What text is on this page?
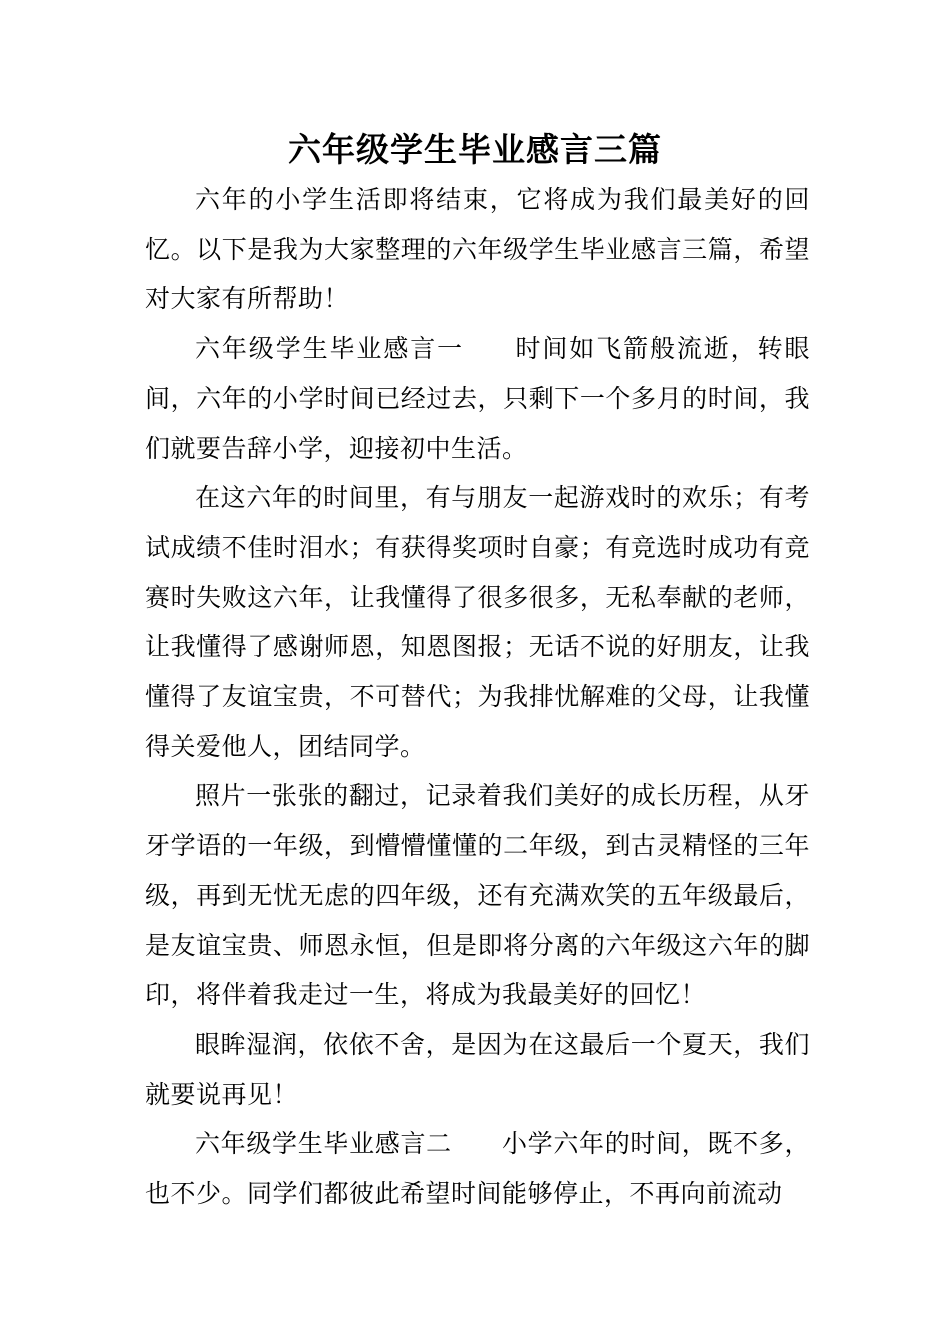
六年级学生毕业感言三篇

六年的小学生活即将结束，它将成为我们最美好的回忆。以下是我为大家整理的六年级学生毕业感言三篇，希望对大家有所帮助！

六年级学生毕业感言一 时间如飞箭般流逝，转眼间，六年的小学时间已经过去，只剩下一个多月的时间，我们就要告辞小学，迎接初中生活。

在这六年的时间里，有与朋友一起游戏时的欢乐；有考试成绩不佳时泪水；有获得奖项时自豪；有竞选时成功有竞赛时失败这六年，让我懂得了很多很多，无私奉献的老师，让我懂得了感谢师恩，知恩图报；无话不说的好朋友，让我懂得了友谊宝贵，不可替代；为我排忧解难的父母，让我懂得关爱他人，团结同学。

照片一张张的翻过，记录着我们美好的成长历程，从牙牙学语的一年级，到懵懵懂懂的二年级，到古灵精怪的三年级，再到无忧无虑的四年级，还有充满欢笑的五年级最后，是友谊宝贵、师恩永恒，但是即将分离的六年级这六年的脚印，将伴着我走过一生，将成为我最美好的回忆！

眼眸湿润，依依不舍，是因为在这最后一个夏天，我们就要说再见！

六年级学生毕业感言二 小学六年的时间，既不多，也不少。同学们都彼此希望时间能够停止，不再向前流动
